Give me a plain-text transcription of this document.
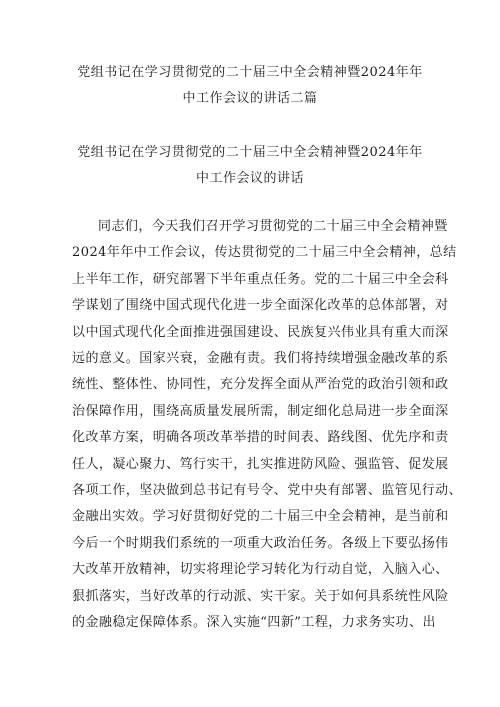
党组书记在学习贯彻党的二十届三中全会精神暨2024年年
中工作会议的讲话二篇
党组书记在学习贯彻党的二十届三中全会精神暨2024年年
中工作会议的讲话
同志们，今天我们召开学习贯彻党的二十届三中全会精神暨
2024年年中工作会议，传达贯彻党的二十届三中全会精神，总结
上半年工作，研究部署下半年重点任务。党的二十届三中全会科
学谋划了围绕中国式现代化进一步全面深化改革的总体部署，对
以中国式现代化全面推进强国建设、民族复兴伟业具有重大而深
远的意义。国家兴衰，金融有责。我们将持续增强金融改革的系
统性、整体性、协同性，充分发挥全面从严治党的政治引领和政
治保障作用，围绕高质量发展所需，制定细化总局进一步全面深
化改革方案，明确各项改革举措的时间表、路线图、优先序和责
任人，凝心聚力、笃行实干，扎实推进防风险、强监管、促发展
各项工作，坚决做到总书记有号令、党中央有部署、监管见行动、
金融出实效。学习好贯彻好党的二十届三中全会精神，是当前和
今后一个时期我们系统的一项重大政治任务。各级上下要弘扬伟
大改革开放精神，切实将理论学习转化为行动自觉，入脑入心、
狠抓落实，当好改革的行动派、实干家。关于如何具系统性风险
的金融稳定保障体系。深入实施“四新”工程，力求务实功、出
